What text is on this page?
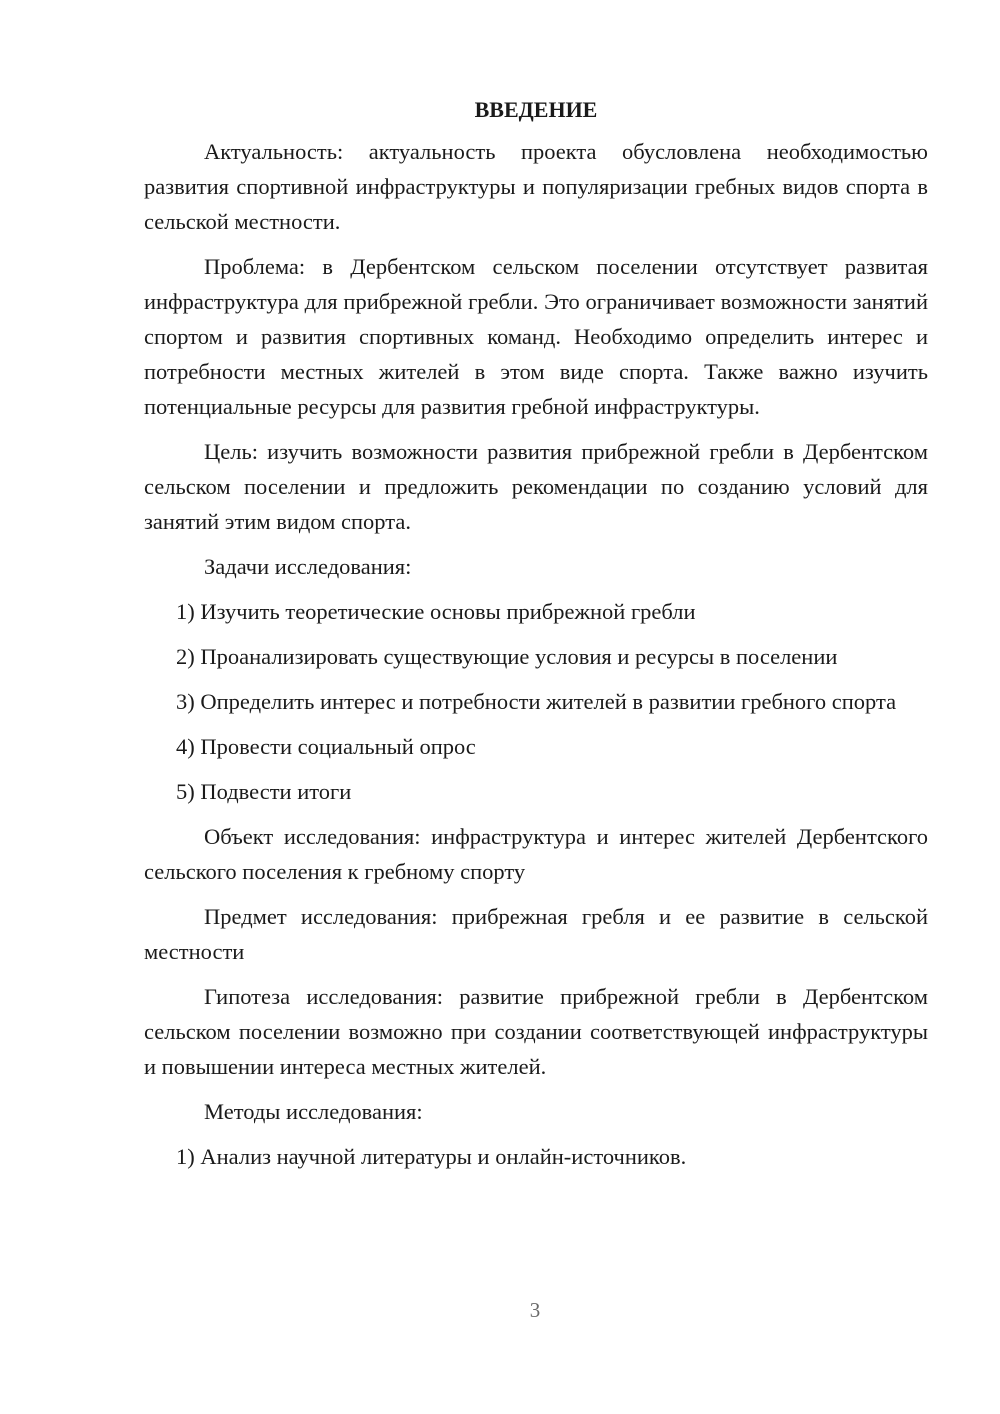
ВВЕДЕНИЕ

Актуальность: актуальность проекта обусловлена необходимостью развития спортивной инфраструктуры и популяризации гребных видов спорта в сельской местности.

Проблема: в Дербентском сельском поселении отсутствует развитая инфраструктура для прибрежной гребли. Это ограничивает возможности занятий спортом и развития спортивных команд. Необходимо определить интерес и потребности местных жителей в этом виде спорта. Также важно изучить потенциальные ресурсы для развития гребной инфраструктуры.

Цель: изучить возможности развития прибрежной гребли в Дербентском сельском поселении и предложить рекомендации по созданию условий для занятий этим видом спорта.

Задачи исследования:

1) Изучить теоретические основы прибрежной гребли

2) Проанализировать существующие условия и ресурсы в поселении

3) Определить интерес и потребности жителей в развитии гребного спорта

4) Провести социальный опрос

5) Подвести итоги

Объект исследования: инфраструктура и интерес жителей Дербентского сельского поселения к гребному спорту

Предмет исследования: прибрежная гребля и ее развитие в сельской местности

Гипотеза исследования: развитие прибрежной гребли в Дербентском сельском поселении возможно при создании соответствующей инфраструктуры и повышении интереса местных жителей.

Методы исследования:

1) Анализ научной литературы и онлайн-источников.

3
